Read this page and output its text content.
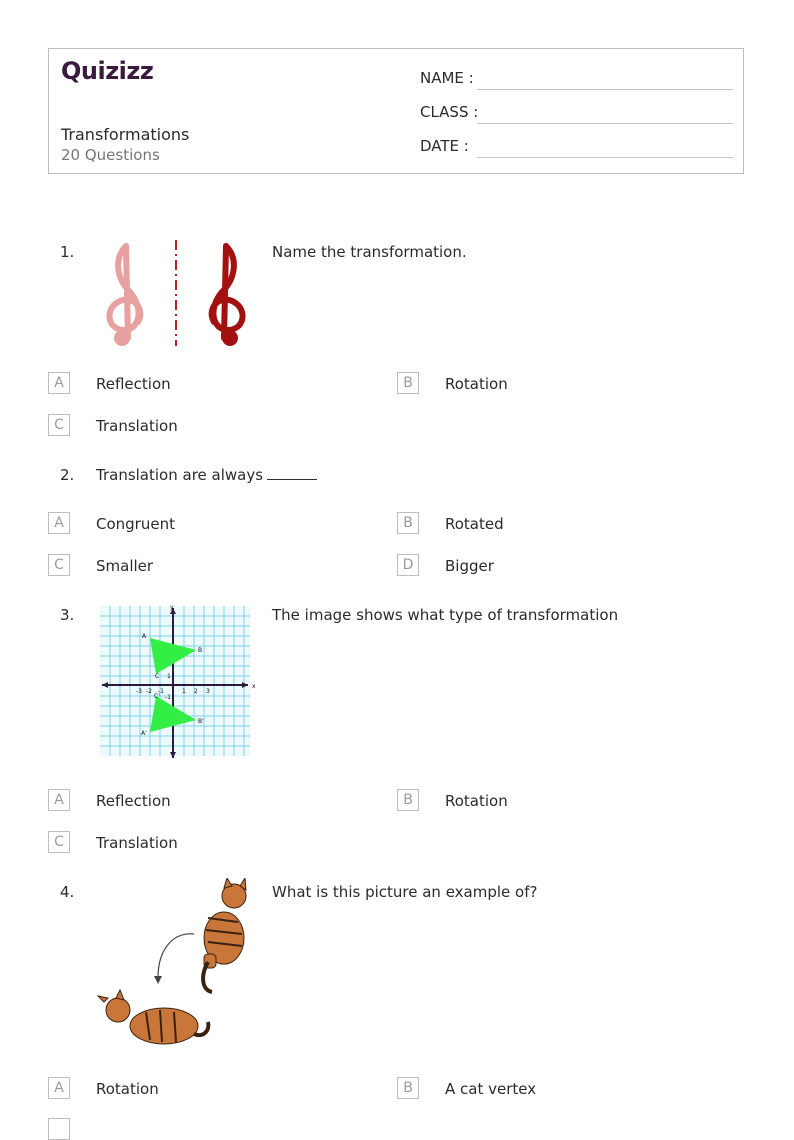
Quizizz
Transformations
20 Questions
NAME :
CLASS :
DATE :
1.	Name the transformation.
A	Reflection	B	Rotation
C	Translation
2. Translation are always
A	Congruent	B	Rotated
C	Smaller	D	Bigger
3.
x
y
A
B
C
A'
B'
C'
-3 -2 -1	1 2 3
1
-1
The image shows what type of transformation
A	Reflection	B	Rotation
C	Translation
4.	What is this picture an example of?
A	Rotation	B	A cat vertex
